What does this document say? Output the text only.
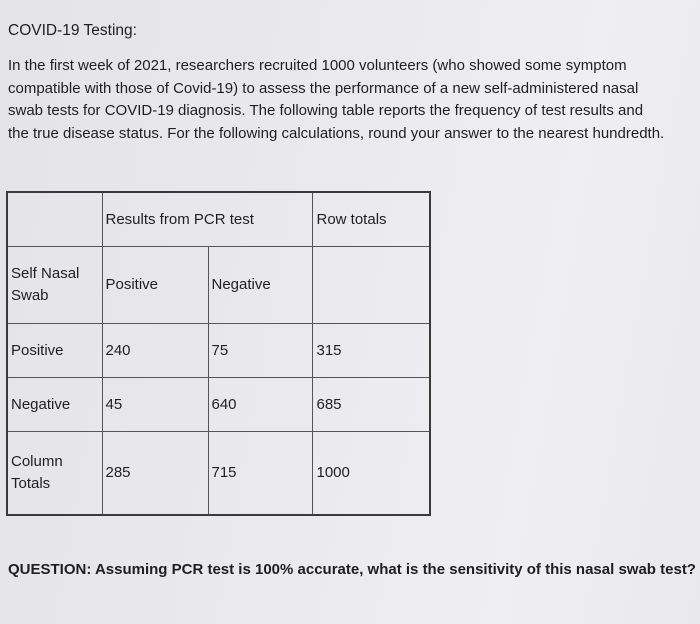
COVID-19 Testing:

In the first week of 2021, researchers recruited 1000 volunteers (who showed some symptom
compatible with those of Covid-19) to assess the performance of a new self-administered nasal
swab tests for COVID-19 diagnosis. The following table reports the frequency of test results and
the true disease status. For the following calculations, round your answer to the nearest hundredth.

	Results from PCR test		Row totals
Self Nasal Swab	Positive	Negative	
Positive	240	75	315
Negative	45	640	685
Column Totals	285	715	1000
QUESTION: Assuming PCR test is 100% accurate, what is the sensitivity of this nasal swab test?
